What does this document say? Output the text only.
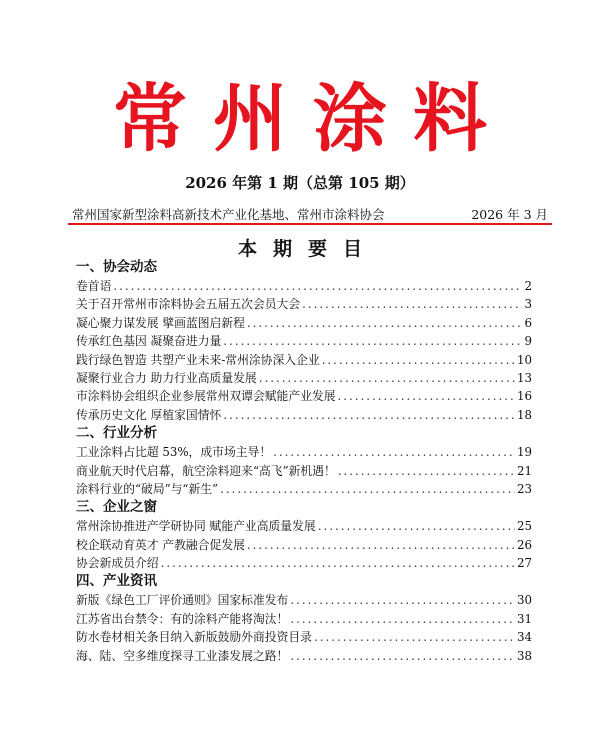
常州涂料
2026 年第 1 期（总第 105 期）
常州国家新型涂料高新技术产业化基地、常州市涂料协会	2026 年 3 月
本期要目
一、协会动态
卷首语 .....	2
关于召开常州市涂料协会五届五次会员大会 .....	3
凝心聚力谋发展 擘画蓝图启新程 .....	6
传承红色基因 凝聚奋进力量 .....	9
践行绿色智造 共塑产业未来-常州涂协深入企业 .....	10
凝聚行业合力 助力行业高质量发展 .....	13
市涂料协会组织企业参展常州双谭会赋能产业发展 .....	16
传承历史文化 厚植家国情怀 .....	18
二、行业分析
工业涂料占比超 53%，成市场主导！ .....	19
商业航天时代启幕，航空涂料迎来“高飞”新机遇！ .....	21
涂料行业的“破局”与“新生” .....	23
三、企业之窗
常州涂协推进产学研协同 赋能产业高质量发展 .....	25
校企联动育英才 产教融合促发展 .....	26
协会新成员介绍 .....	27
四、产业资讯
新版《绿色工厂评价通则》国家标准发布 .....	30
江苏省出台禁令：有的涂料产能将淘汰！ .....	31
防水卷材相关条目纳入新版鼓励外商投资目录 .....	34
海、陆、空多维度探寻工业漆发展之路！ .....	38
